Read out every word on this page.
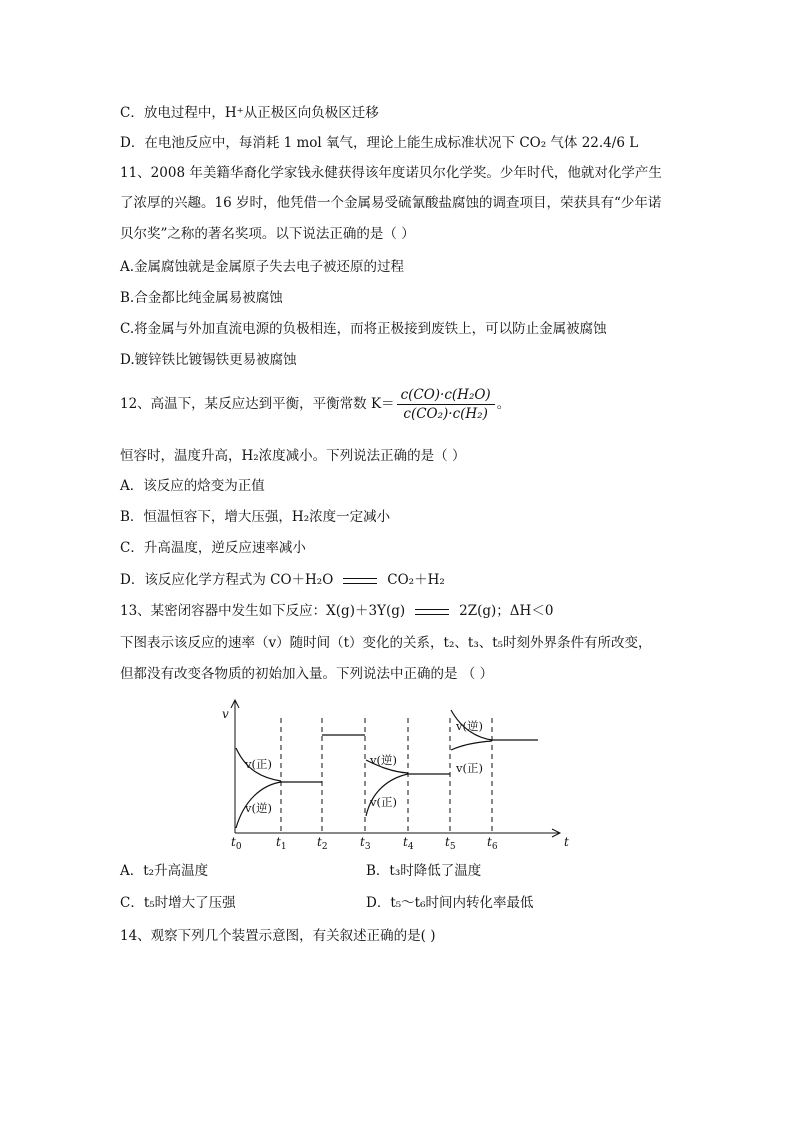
C．放电过程中，H⁺从正极区向负极区迁移
D．在电池反应中，每消耗 1 mol 氧气，理论上能生成标准状况下 CO₂ 气体 22.4/6 L
11、2008 年美籍华裔化学家钱永健获得该年度诺贝尔化学奖。少年时代，他就对化学产生
了浓厚的兴趣。16 岁时，他凭借一个金属易受硫氰酸盐腐蚀的调查项目，荣获具有“少年诺
贝尔奖”之称的著名奖项。以下说法正确的是（ ）
A.金属腐蚀就是金属原子失去电子被还原的过程
B.合金都比纯金属易被腐蚀
C.将金属与外加直流电源的负极相连，而将正极接到废铁上，可以防止金属被腐蚀
D.镀锌铁比镀锡铁更易被腐蚀
12、高温下，某反应达到平衡，平衡常数 $K= \frac{\text{c(CO)·c(H₂O)}}{\text{c(CO₂)·c(H₂)}}$ 。
恒容时，温度升高，H₂浓度减小。下列说法正确的是（ ）
A．该反应的焓变为正值
B．恒温恒容下，增大压强，H₂浓度一定减小
C．升高温度，逆反应速率减小
D．该反应化学方程式为 CO＋H₂O	CO₂＋H₂
13、某密闭容器中发生如下反应：X(g)＋3Y(g)	2Z(g)；ΔH＜0
下图表示该反应的速率（v）随时间（t）变化的关系，t₂、t₃、t₅时刻外界条件有所改变，
但都没有改变各物质的初始加入量。下列说法中正确的是 （ ）
v
t
v(正)
v(逆)
v(逆)
v(正)
v(逆)
v(正)
$t_0$	$t_1$	$t_2$	$t_3$	$t_4$	$t_5$	$t_6$
A．t₂升高温度	B．t₃时降低了温度
C．t₅时增大了压强	D．t₅～t₆时间内转化率最低
14、观察下列几个装置示意图，有关叙述正确的是( )
